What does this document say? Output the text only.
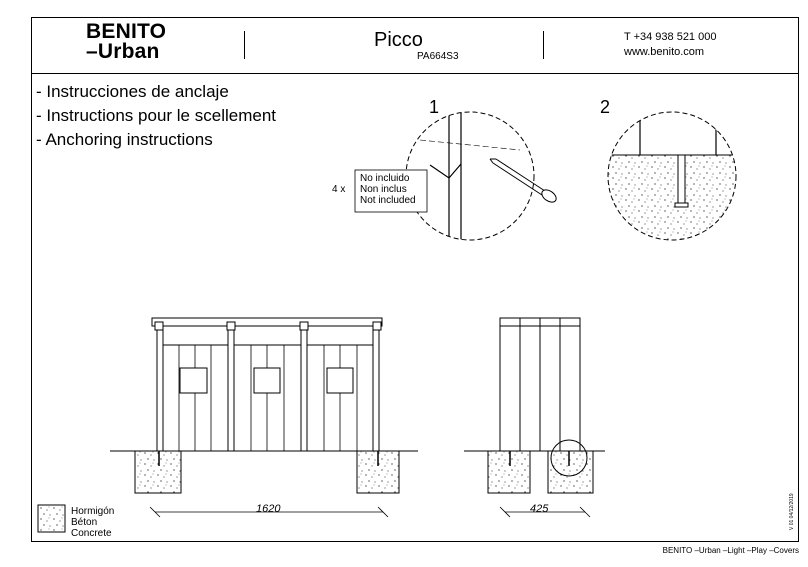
BENITO
–Urban	Picco
PA664S3
T +34 938 521 000
www.benito.com
- Instrucciones de anclaje
- Instructions pour le scellement
- Anchoring instructions
1	2
4 x
No incluido
Non inclus
Not included
1620	425
Hormigón
Béton
Concrete
V 01 04/12/2019
BENITO –Urban –Light –Play –Covers
